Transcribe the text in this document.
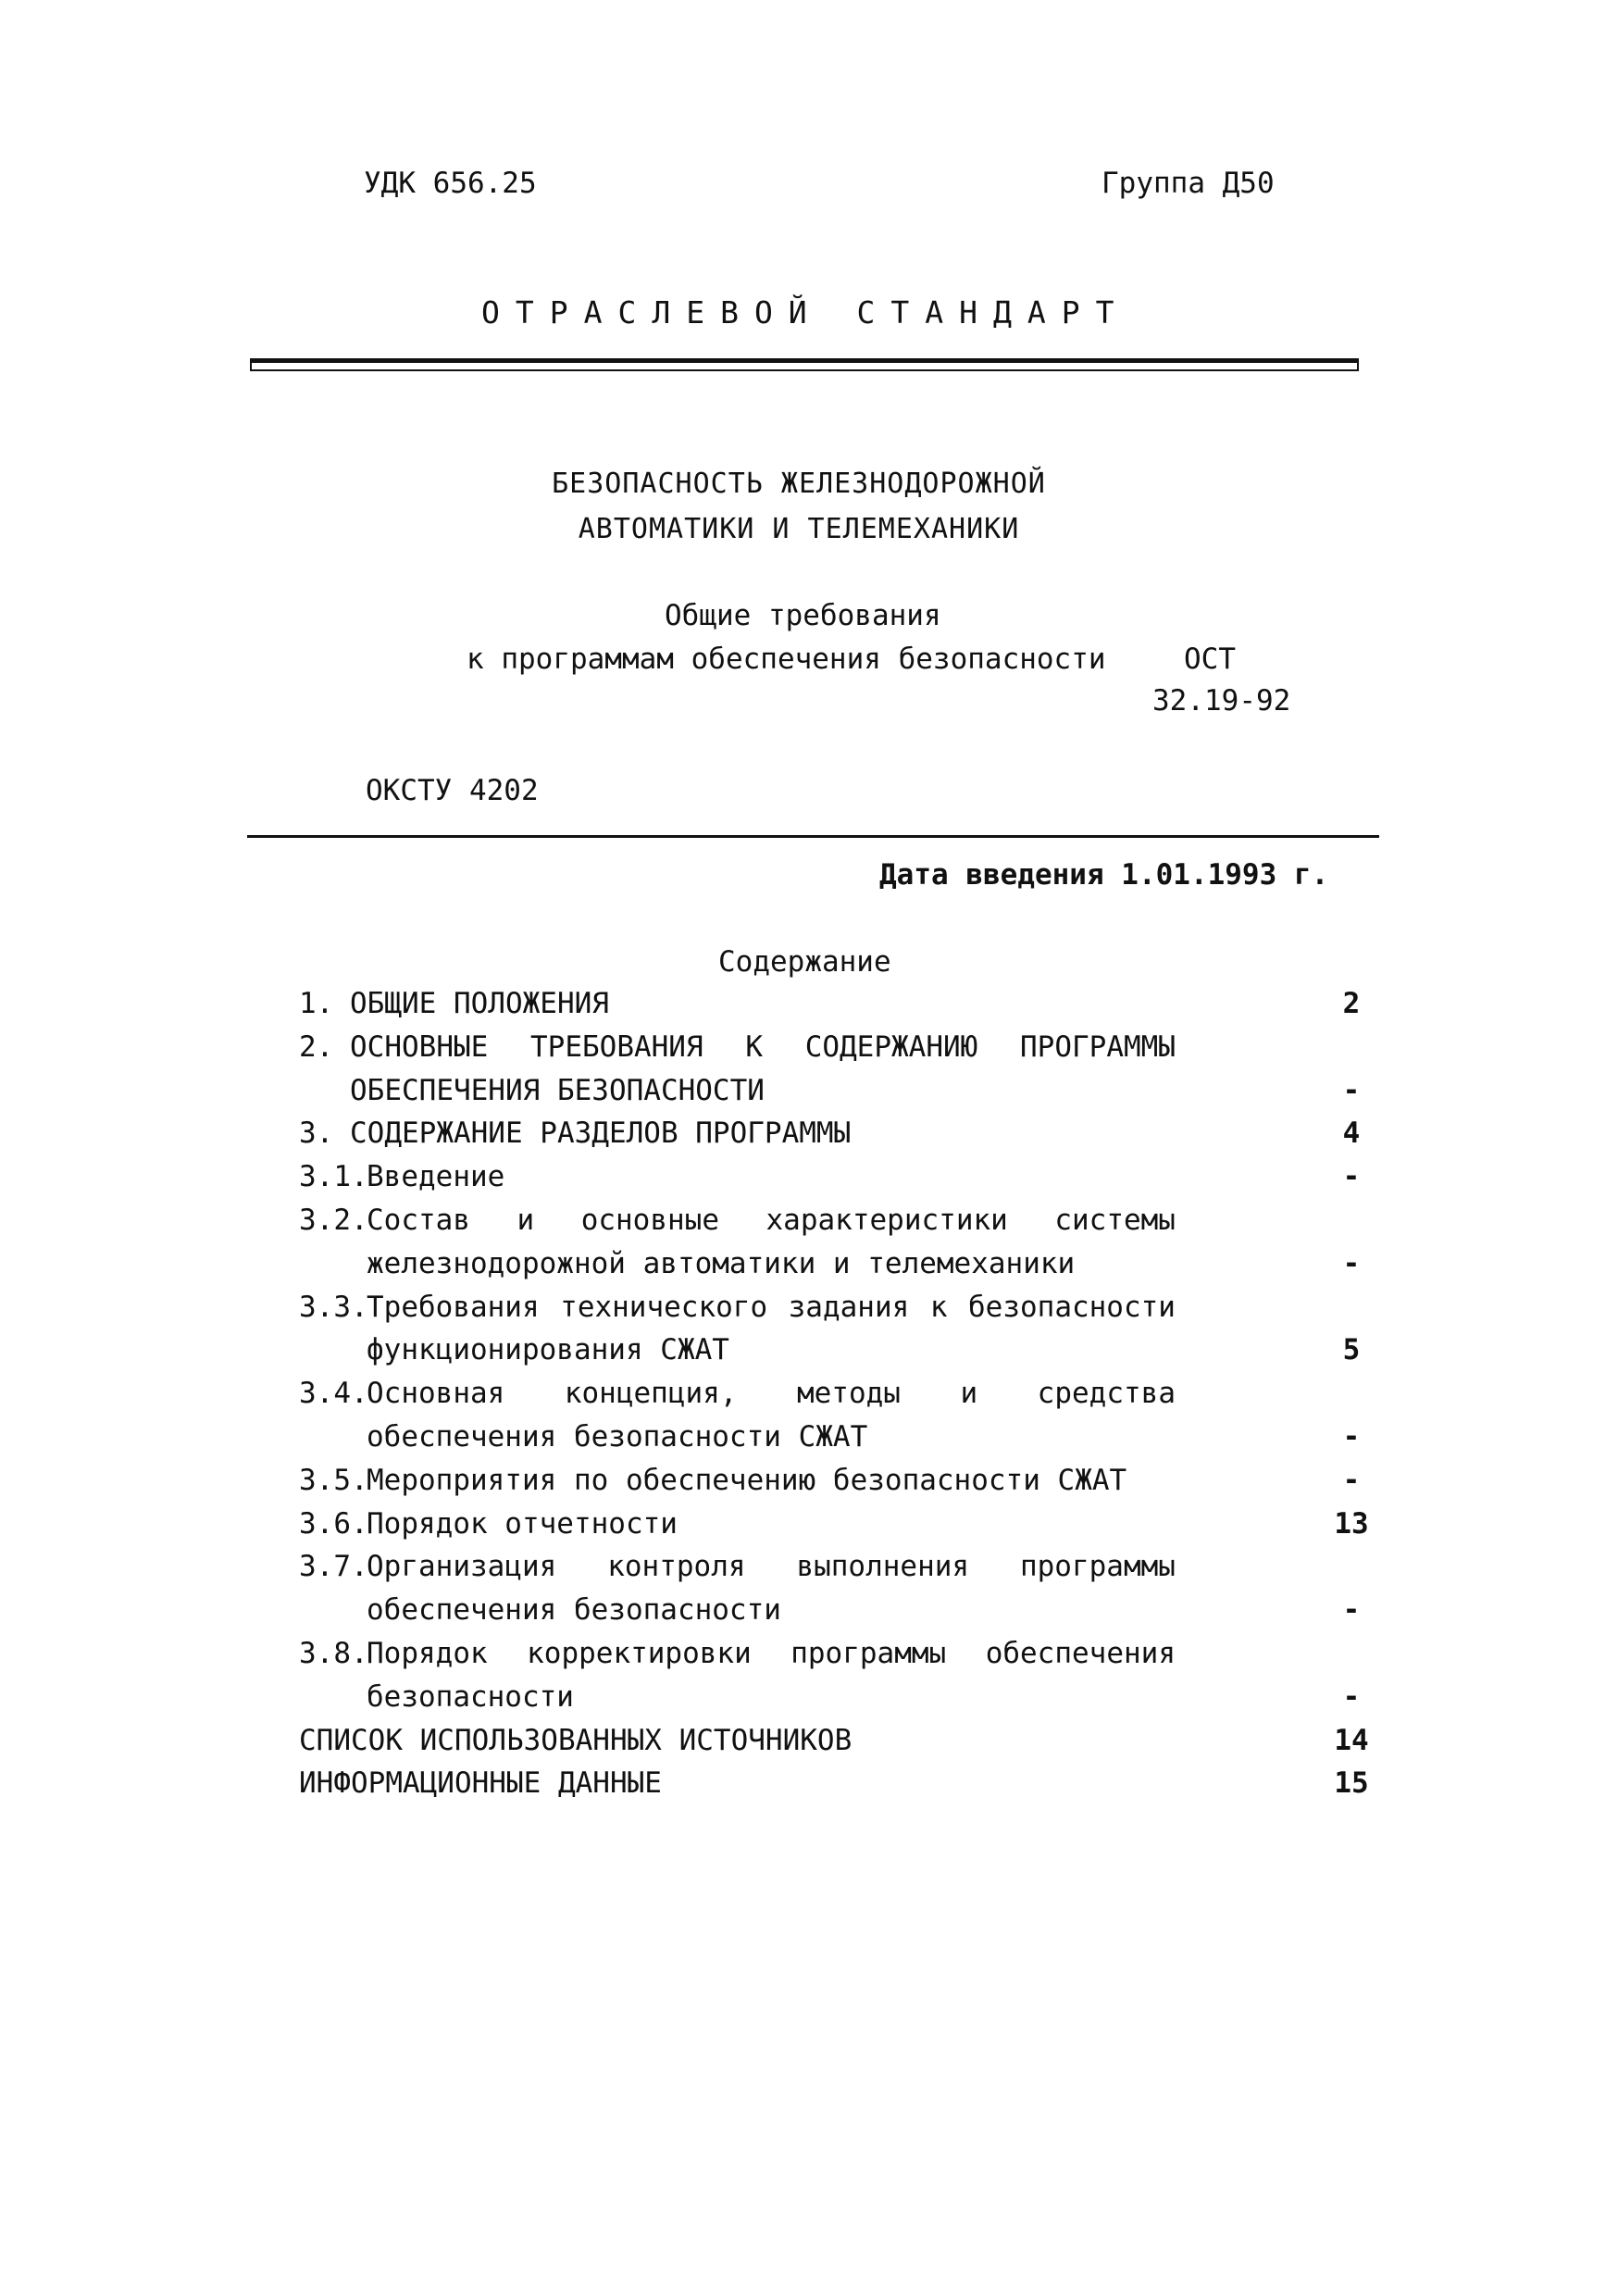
УДК 656.25	Группа Д50
ОТРАСЛЕВОЙ СТАНДАРТ
БЕЗОПАСНОСТЬ ЖЕЛЕЗНОДОРОЖНОЙ
АВТОМАТИКИ И ТЕЛЕМЕХАНИКИ
Общие требования
к программам обеспечения безопасности	ОСТ
32.19-92
ОКСТУ 4202
Дата введения 1.01.1993 г.
Содержание
1. ОБЩИЕ ПОЛОЖЕНИЯ	2
2. ОСНОВНЫЕ ТРЕБОВАНИЯ К СОДЕРЖАНИЮ ПРОГРАММЫ
ОБЕСПЕЧЕНИЯ БЕЗОПАСНОСТИ	-
3. СОДЕРЖАНИЕ РАЗДЕЛОВ ПРОГРАММЫ	4
3.1.
Введение	-
3.2.
Состав и основные характеристики системы
железнодорожной автоматики и телемеханики	-
3.3.
Требования технического задания к безопасности
функционирования СЖАТ	5
3.4.
Основная концепция, методы и средства
обеспечения безопасности СЖАТ	-
3.5.
Мероприятия по обеспечению безопасности СЖАТ	-
3.6.
Порядок отчетности	13
3.7.
Организация контроля выполнения программы
обеспечения безопасности	-
3.8.
Порядок корректировки программы обеспечения
безопасности	-
СПИСОК ИСПОЛЬЗОВАННЫХ ИСТОЧНИКОВ	14
ИНФОРМАЦИОННЫЕ ДАННЫЕ	15
